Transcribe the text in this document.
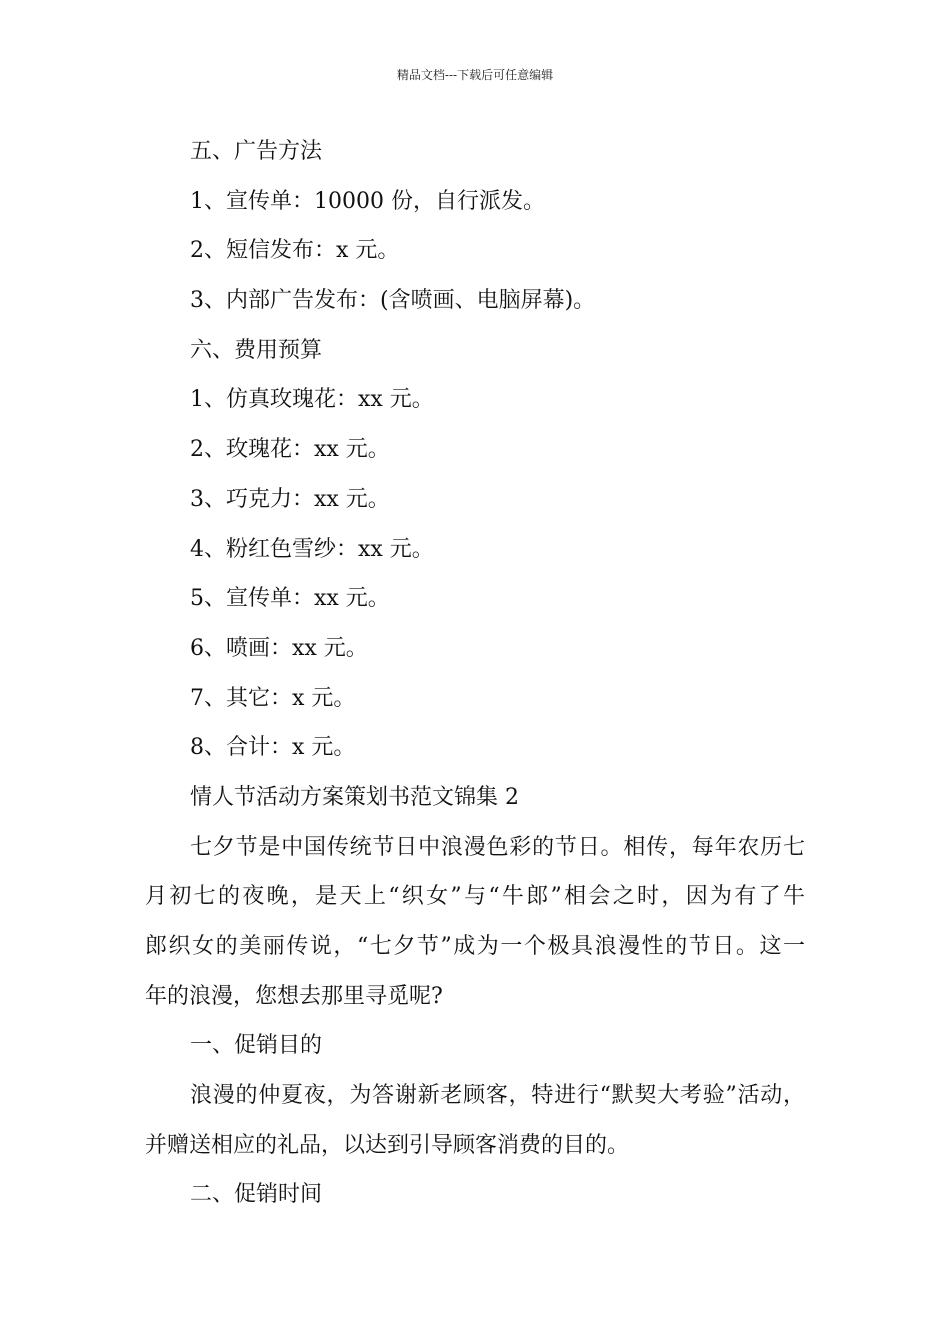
精品文档---下载后可任意编辑
五、广告方法
1、宣传单：10000 份，自行派发。
2、短信发布：x 元。
3、内部广告发布：(含喷画、电脑屏幕)。
六、费用预算
1、仿真玫瑰花：xx 元。
2、玫瑰花：xx 元。
3、巧克力：xx 元。
4、粉红色雪纱：xx 元。
5、宣传单：xx 元。
6、喷画：xx 元。
7、其它：x 元。
8、合计：x 元。
情人节活动方案策划书范文锦集 2
七夕节是中国传统节日中浪漫色彩的节日。相传，每年农历七
月初七的夜晚，是天上“织女”与“牛郎”相会之时，因为有了牛
郎织女的美丽传说，“七夕节”成为一个极具浪漫性的节日。这一
年的浪漫，您想去那里寻觅呢?
一、促销目的
浪漫的仲夏夜，为答谢新老顾客，特进行“默契大考验”活动，
并赠送相应的礼品，以达到引导顾客消费的目的。
二、促销时间
